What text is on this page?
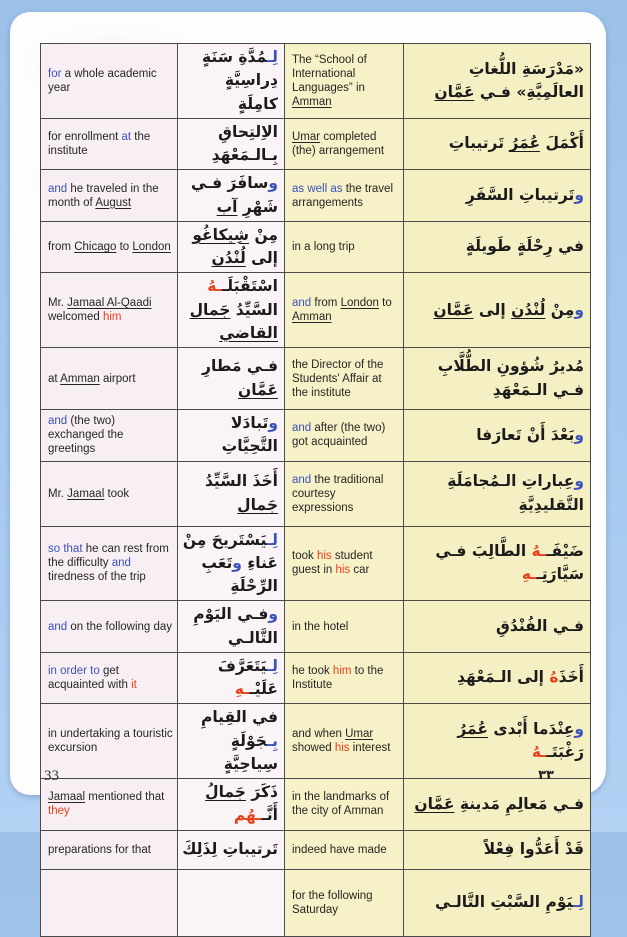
for a whole academic year	لِـمُدَّةِ سَنَةٍ دِراسِيَّةٍ كامِلَةٍ	The “School of International Languages” in Amman	«مَدْرَسَةِ اللُّغاتِ العالَمِيَّةِ» فـي عَمَّان
for enrollment at the institute	الاِلتِحاقِ بِـالـمَعْهَدِ	Umar completed (the) arrangement	أَكْمَلَ عُمَرُ تَرتيباتِ
and he traveled in the month of August	وسافَرَ فـي شَهْرِ آب	as well as the travel arrangements	وتَرتيباتِ السَّفَرِ
from Chicago to London	مِنْ شِيكاغُو إلى لُنْدُن	in a long trip	في رِحْلَةٍ طَويلَةٍ
Mr. Jamaal Al-Qaadi welcomed him	اسْتَقْبَلَــهُ السَّيِّدُ جَمال القاضي	and from London to Amman	ومِنْ لُنْدُن إلى عَمَّان
at Amman airport	فـي مَطارِ عَمَّان	the Director of the Students' Affair at the institute	مُديرُ شُؤونِ الطُّلَّابِ فـي الـمَعْهَدِ
and (the two) exchanged the greetings	وتَبادَلا التَّحِيَّاتِ	and after (the two) got acquainted	وبَعْدَ أَنْ تَعارَفا
Mr. Jamaal took	أَخَذَ السَّيِّدُ جَمال	and the traditional courtesy expressions	وعِباراتِ الـمُجامَلَةِ التَّقليدِيَّةِ
so that he can rest from the difficulty and tiredness of the trip	لِـيَسْتَريحَ مِنْ عَناءِ وتَعَبِ الرِّحْلَةِ	took his student guest in his car	ضَيْفَــهُ الطَّالِبَ فـي سَيَّارَتِــهِ
and on the following day	وفـي اليَوْمِ التَّالـي	in the hotel	فـي الفُنْدُقِ
in order to get acquainted with it	لِـيَتَعَرَّفَ عَلَيْــهِ	he took him to the Institute	أَخَذَهُ إلى الـمَعْهَدِ
in undertaking a touristic excursion	في القِيامِ بِـجَوْلَةٍ سِياحِيَّةٍ	and when Umar showed his interest	وعِنْدَما أَبْدى عُمَرُ رَغْبَتَــهُ
Jamaal mentioned that they	ذَكَرَ جَمالُ أَنَّــهُم	in the landmarks of the city of Amman	فـي مَعالِمِ مَدينةِ عَمَّان
preparations for that	تَرتيباتِ لِذَلِكَ	indeed have made	قَدْ أَعَدُّوا فِعْلاً
		for the following Saturday	لِـيَوْمِ السَّبْتِ التَّالـي
33	٣٣
